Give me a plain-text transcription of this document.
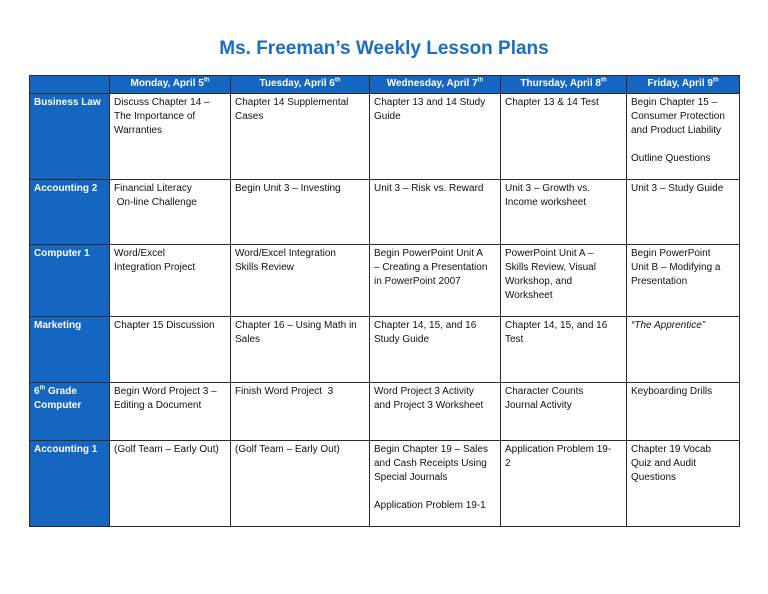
Ms. Freeman’s Weekly Lesson Plans
	Monday, April 5th	Tuesday, April 6th	Wednesday, April 7th	Thursday, April 8th	Friday, April 9th
Business Law	Discuss Chapter 14 –
The Importance of
Warranties	Chapter 14 Supplemental
Cases	Chapter 13 and 14 Study
Guide	Chapter 13 & 14 Test	Begin Chapter 15 –
Consumer Protection
and Product Liability
Outline Questions
Accounting 2	Financial Literacy
On-line Challenge	Begin Unit 3 – Investing	Unit 3 – Risk vs. Reward	Unit 3 – Growth vs.
Income worksheet	Unit 3 – Study Guide
Computer 1	Word/Excel
Integration Project	Word/Excel Integration
Skills Review	Begin PowerPoint Unit A
– Creating a Presentation
in PowerPoint 2007	PowerPoint Unit A –
Skills Review, Visual
Workshop, and
Worksheet	Begin PowerPoint
Unit B – Modifying a
Presentation
Marketing	Chapter 15 Discussion	Chapter 16 – Using Math in
Sales	Chapter 14, 15, and 16
Study Guide	Chapter 14, 15, and 16
Test	“The Apprentice”
6th Grade
Computer	Begin Word Project 3 –
Editing a Document	Finish Word Project  3	Word Project 3 Activity
and Project 3 Worksheet	Character Counts
Journal Activity	Keyboarding Drills
Accounting 1	(Golf Team – Early Out)	(Golf Team – Early Out)	Begin Chapter 19 – Sales
and Cash Receipts Using
Special Journals
Application Problem 19-1	Application Problem 19-
2	Chapter 19 Vocab
Quiz and Audit
Questions
